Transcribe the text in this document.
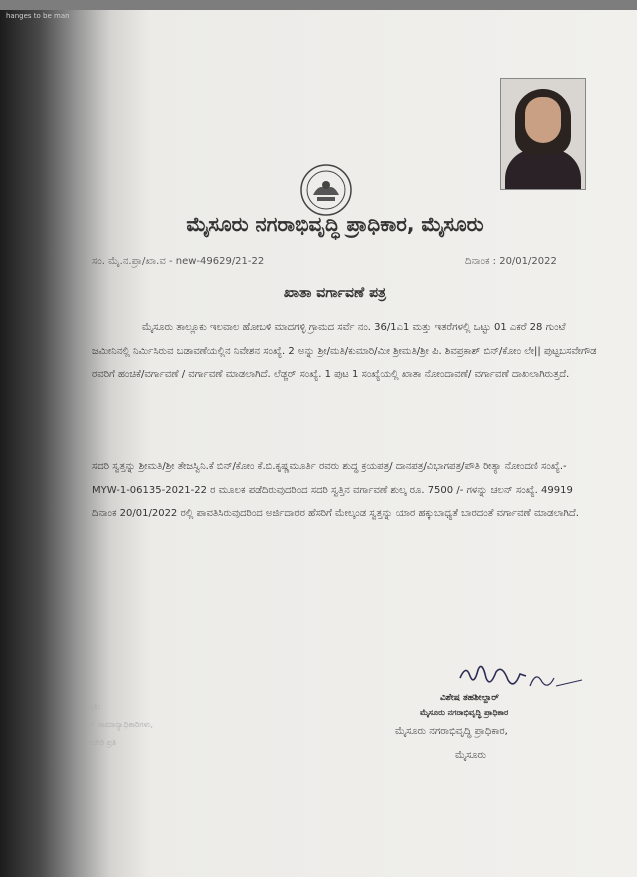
hanges to be man
ಮೈಸೂರು ನಗರಾಭಿವೃದ್ಧಿ ಪ್ರಾಧಿಕಾರ, ಮೈಸೂರು
ಸಂ. ಮೈ.ನ.ಪ್ರಾ/ಖಾ.ವ - new-49629/21-22	ದಿನಾಂಕ : 20/01/2022
ಖಾತಾ ವರ್ಗಾವಣೆ ಪತ್ರ
ಮೈಸೂರು ತಾಲ್ಲೂಕು ಇಲವಾಲ ಹೋಬಳಿ ಮಾದಗಳ್ಳಿ ಗ್ರಾಮದ ಸರ್ವೆ ನಂ. 36/1ಎ1 ಮತ್ತು ಇತರೆಗಳಲ್ಲಿ ಒಟ್ಟು 01 ಎಕರೆ 28 ಗುಂಟೆ ಜಮೀನಿನಲ್ಲಿ ನಿರ್ಮಿಸಿರುವ ಬಡಾವಣೆಯಲ್ಲಿನ ನಿವೇಶನ ಸಂಖ್ಯೆ. 2 ಅನ್ನು ಶ್ರೀ/ಮತಿ/ಕುಮಾರಿ/ಮೀ ಶ್ರೀಮತಿ/ಶ್ರೀ ಪಿ. ಶಿವಪ್ರಕಾಶ್ ಬಿನ್/ಕೋಂ ಲೇ|| ಪುಟ್ಟಬಸವೇಗೌಡ ರವರಿಗೆ ಹಂಚಿಕೆ/ವರ್ಗಾವಣೆ / ವರ್ಗಾವಣೆ ಮಾಡಲಾಗಿದೆ. ಲೆಡ್ಜರ್ ಸಂಖ್ಯೆ. 1 ಪುಟ 1 ಸಂಖ್ಯೆಯಲ್ಲಿ ಖಾತಾ ನೋಂದಾವಣೆ/ ವರ್ಗಾವಣೆ ದಾಖಲಾಗಿರುತ್ತದೆ.
ಸದರಿ ಸ್ವತ್ತನ್ನು ಶ್ರೀಮತಿ/ಶ್ರೀ ತೇಜಸ್ವಿನಿ.ಕೆ ಬಿನ್/ಕೋಂ ಕೆ.ಬಿ.ಕೃಷ್ಣಮೂರ್ತಿ ರವರು ಶುದ್ಧ ಕ್ರಯಪತ್ರ/ ದಾನಪತ್ರ/ವಿಭಾಗಪತ್ರ/ಪೌತಿ ರೀತ್ಯಾ ನೋಂದಣಿ ಸಂಖ್ಯೆ.- MYW-1-06135-2021-22 ರ ಮೂಲಕ ಪಡೆದಿರುವುದರಿಂದ ಸದರಿ ಸ್ವತ್ತಿನ ವರ್ಗಾವಣೆ ಶುಲ್ಕ ರೂ. 7500 /- ಗಳನ್ನು ಚಲನ್ ಸಂಖ್ಯೆ. 49919 ದಿನಾಂಕ 20/01/2022 ರಲ್ಲಿ ಪಾವತಿಸಿರುವುದರಿಂದ ಅರ್ಜಿದಾರರ ಹೆಸರಿಗೆ ಮೇಲ್ಕಂಡ ಸ್ವತ್ತನ್ನು ಯಾರ ಹಕ್ಕುಬಾಧ್ಯತೆ ಬಾರದಂತೆ ವರ್ಗಾವಣೆ ಮಾಡಲಾಗಿದೆ.
ವಿಶೇಷ ತಹಶೀಲ್ದಾರ್
ಮೈಸೂರು ನಗರಾಭಿವೃದ್ಧಿ ಪ್ರಾಧಿಕಾರ
ಮೈಸೂರು ನಗರಾಭಿವೃದ್ಧಿ ಪ್ರಾಧಿಕಾರ,
ಮೈಸೂರು
ಪ್ರತಿ:
ನ್ ಸಾಮಾನ್ಯಾಧಿಕಾರಿಗಳು,
ಕಚೇರಿ ಪ್ರತಿ
